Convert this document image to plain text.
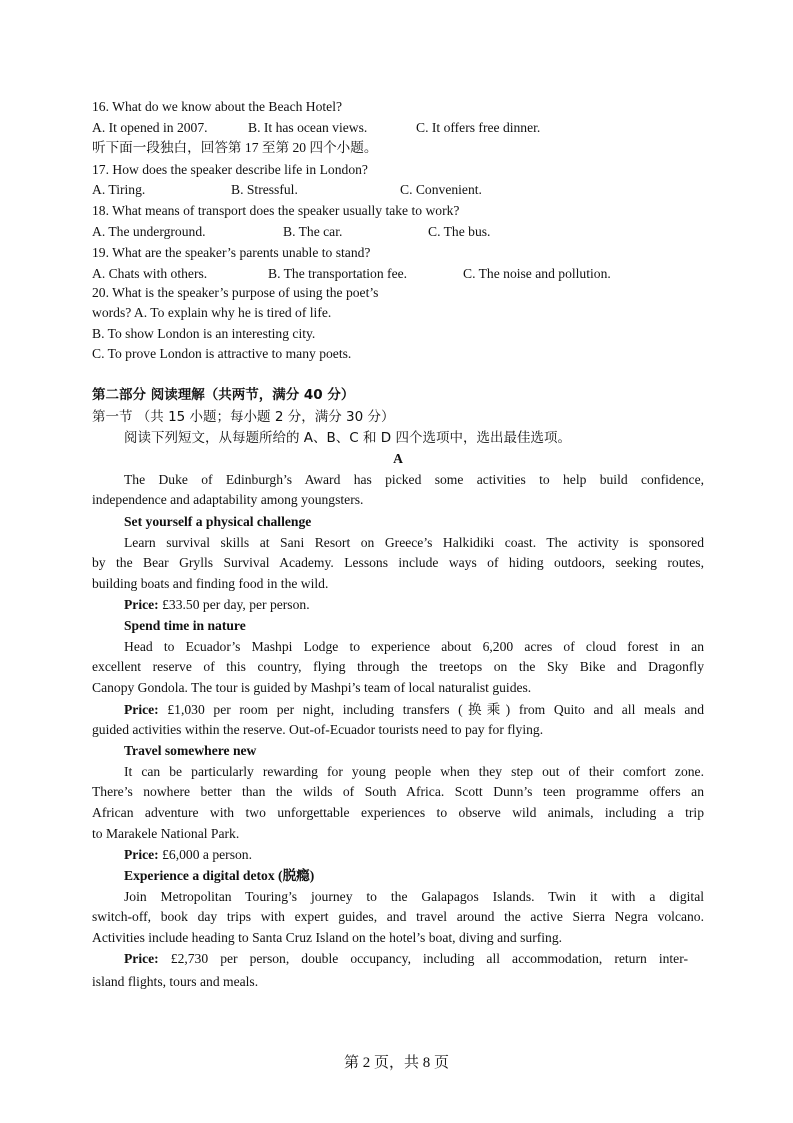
16. What do we know about the Beach Hotel?
A. It opened in 2007.	B. It has ocean views.	C. It offers free dinner.
听下面一段独白，回答第 17 至第 20 四个小题。
17. How does the speaker describe life in London?
A. Tiring.	B. Stressful.	C. Convenient.
18. What means of transport does the speaker usually take to work?
A. The underground.	B. The car.	C. The bus.
19. What are the speaker’s parents unable to stand?
A. Chats with others.	B. The transportation fee.	C. The noise and pollution.
20. What is the speaker’s purpose of using the poet’s
words? A. To explain why he is tired of life.
B. To show London is an interesting city.
C. To prove London is attractive to many poets.
第二部分 阅读理解（共两节，满分 40 分）
第一节 （共 15 小题；每小题 2 分，满分 30 分）
阅读下列短文，从每题所给的 A、B、C 和 D 四个选项中，选出最佳选项。
A
The Duke of Edinburgh’s Award has picked some activities to help build confidence,
independence and adaptability among youngsters.
Set yourself a physical challenge
Learn survival skills at Sani Resort on Greece’s Halkidiki coast. The activity is sponsored
by the Bear Grylls Survival Academy. Lessons include ways of hiding outdoors, seeking routes,
building boats and finding food in the wild.
Price: £33.50 per day, per person.
Spend time in nature
Head to Ecuador’s Mashpi Lodge to experience about 6,200 acres of cloud forest in an
excellent reserve of this country, flying through the treetops on the Sky Bike and Dragonfly
Canopy Gondola. The tour is guided by Mashpi’s team of local naturalist guides.
Price: £1,030 per room per night, including transfers (换乘) from Quito and all meals and
guided activities within the reserve. Out-of-Ecuador tourists need to pay for flying.
Travel somewhere new
It can be particularly rewarding for young people when they step out of their comfort zone.
There’s nowhere better than the wilds of South Africa. Scott Dunn’s teen programme offers an
African adventure with two unforgettable experiences to observe wild animals, including a trip
to Marakele National Park.
Price: £6,000 a person.
Experience a digital detox (脱瘾)
Join Metropolitan Touring’s journey to the Galapagos Islands. Twin it with a digital
switch-off, book day trips with expert guides, and travel around the active Sierra Negra volcano.
Activities include heading to Santa Cruz Island on the hotel’s boat, diving and surfing.
Price: £2,730 per person, double occupancy, including all accommodation, return inter-
island flights, tours and meals.
第 2 页，共 8 页
